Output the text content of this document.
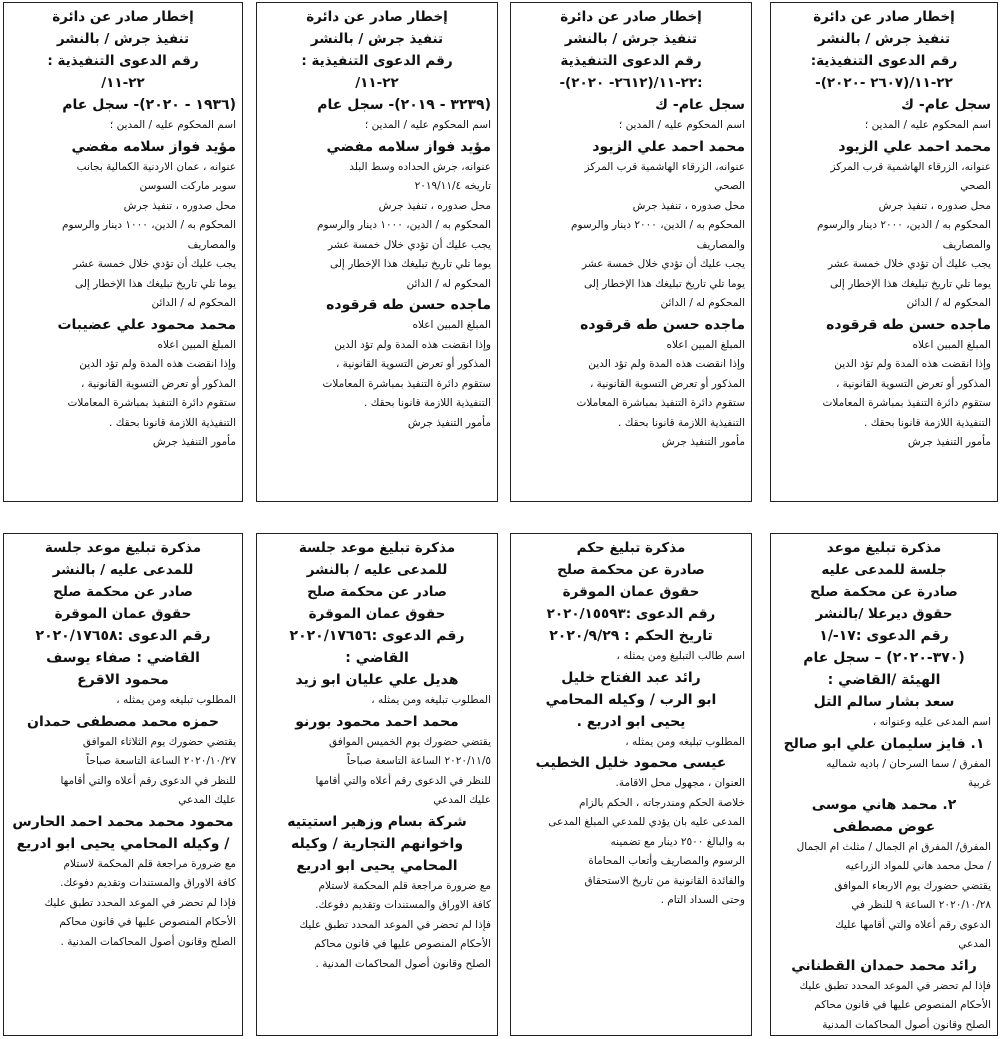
إخطار صادر عن دائرة
تنفيذ جرش / بالنشر
رقم الدعوى التنفيذية :
٢٢-١١/
(١٩٣٦ - ٢٠٢٠)- سجل عام
اسم المحكوم عليه / المدين ؛
مؤيد فواز سلامه مفضي
عنوانه ، عمان الاردنية الكمالية بجانب
سوبر ماركت السوسن
محل صدوره ، تنفيذ جرش
المحكوم به / الدين، ١٠٠٠ دينار والرسوم
والمصاريف
يجب عليك أن تؤدي خلال خمسة عشر
يوما تلي تاريخ تبليغك هذا الإخطار إلى
المحكوم له / الدائن
محمد محمود علي عضيبات
المبلغ المبين اعلاه
وإذا انقضت هذه المدة ولم تؤد الدين
المذكور أو تعرض التسوية القانونية ،
ستقوم دائرة التنفيذ بمباشرة المعاملات
التنفيذية اللازمة قانونا بحقك .
مأمور التنفيذ جرش
إخطار صادر عن دائرة
تنفيذ جرش / بالنشر
رقم الدعوى التنفيذية :
٢٢-١١/
(٣٢٣٩ - ٢٠١٩)- سجل عام
اسم المحكوم عليه / المدين ؛
مؤيد فواز سلامه مفضي
عنوانه، جرش الحداده وسط البلد
تاريخه ٢٠١٩/١١/٤
محل صدوره ، تنفيذ جرش
المحكوم به / الدين، ١٠٠٠ دينار والرسوم
يجب عليك أن تؤدي خلال خمسة عشر
يوما تلي تاريخ تبليغك هذا الإخطار إلى
المحكوم له / الدائن
ماجده حسن طه قرقوده
المبلغ المبين اعلاه
وإذا انقضت هذه المدة ولم تؤد الدين
المذكور أو تعرض التسوية القانونية ،
ستقوم دائرة التنفيذ بمباشرة المعاملات
التنفيذية اللازمة قانونا بحقك .
مأمور التنفيذ جرش
إخطار صادر عن دائرة
تنفيذ جرش / بالنشر
رقم الدعوى التنفيذية
:٢٢-١١/(٢٦١٢- ٢٠٢٠)-
سجل عام- ك
اسم المحكوم عليه / المدين ؛
محمد احمد علي الزيود
عنوانه، الزرقاء الهاشمية قرب المركز
الصحي
محل صدوره ، تنفيذ جرش
المحكوم به / الدين، ٢٠٠٠ دينار والرسوم
والمصاريف
يجب عليك أن تؤدي خلال خمسة عشر
يوما تلي تاريخ تبليغك هذا الإخطار إلى
المحكوم له / الدائن
ماجده حسن طه قرقوده
المبلغ المبين اعلاه
وإذا انقضت هذه المدة ولم تؤد الدين
المذكور أو تعرض التسوية القانونية ،
ستقوم دائرة التنفيذ بمباشرة المعاملات
التنفيذية اللازمة قانونا بحقك .
مأمور التنفيذ جرش
إخطار صادر عن دائرة
تنفيذ جرش / بالنشر
رقم الدعوى التنفيذية:
٢٢-١١/(٢٦٠٧ -٢٠٢٠)-
سجل عام- ك
اسم المحكوم عليه / المدين ؛
محمد احمد علي الزيود
عنوانه، الزرقاء الهاشمية قرب المركز
الصحي
محل صدوره ، تنفيذ جرش
المحكوم به / الدين، ٢٠٠٠ دينار والرسوم
والمصاريف
يجب عليك أن تؤدي خلال خمسة عشر
يوما تلي تاريخ تبليغك هذا الإخطار إلى
المحكوم له / الدائن
ماجده حسن طه قرقوده
المبلغ المبين اعلاه
وإذا انقضت هذه المدة ولم تؤد الدين
المذكور أو تعرض التسوية القانونية ،
ستقوم دائرة التنفيذ بمباشرة المعاملات
التنفيذية اللازمة قانونا بحقك .
مأمور التنفيذ جرش
مذكرة تبليغ موعد جلسة
للمدعى عليه / بالنشر
صادر عن محكمة صلح
حقوق عمان الموقرة
رقم الدعوى :٢٠٢٠/١٧٦٥٨
القاضي : صفاء يوسف
محمود الاقرع
المطلوب تبليغه ومن يمثله ،
حمزه محمد مصطفى حمدان
يقتضي حضورك يوم الثلاثاء الموافق
٢٠٢٠/١٠/٢٧ الساعة التاسعة صباحاً
للنظر في الدعوى رقم أعلاه والتي أقامها
عليك المدعي
محمود محمد محمد احمد الحارس
/ وكيله المحامي يحيى ابو ادريع
مع ضرورة مراجعة قلم المحكمة لاستلام
كافة الاوراق والمستندات وتقديم دفوعك.
فإذا لم تحضر في الموعد المحدد تطبق عليك
الأحكام المنصوص عليها في قانون محاكم
الصلح وقانون أصول المحاكمات المدنية .
مذكرة تبليغ موعد جلسة
للمدعى عليه / بالنشر
صادر عن محكمة صلح
حقوق عمان الموقرة
رقم الدعوى :٢٠٢٠/١٧٦٥٦
القاضي :
هديل علي عليان ابو زيد
المطلوب تبليغه ومن يمثله ،
محمد احمد محمود بورنو
يقتضي حضورك يوم الخميس الموافق
٢٠٢٠/١١/٥ الساعة التاسعة صباحاً
للنظر في الدعوى رقم أعلاه والتي أقامها
عليك المدعي
شركة بسام وزهير استيتيه
واخوانهم التجارية / وكيله
المحامي يحيى ابو ادريع
مع ضرورة مراجعة قلم المحكمة لاستلام
كافة الاوراق والمستندات وتقديم دفوعك.
فإذا لم تحضر في الموعد المحدد تطبق عليك
الأحكام المنصوص عليها في قانون محاكم
الصلح وقانون أصول المحاكمات المدنية .
مذكرة تبليغ حكم
صادرة عن محكمة صلح
حقوق عمان الموقرة
رقم الدعوى :٢٠٢٠/١٥٥٩٣
تاريخ الحكم : ٢٠٢٠/٩/٢٩
اسم طالب التبليغ ومن يمثله ،
رائد عبد الفتاح خليل
ابو الرب / وكيله المحامي
يحيى ابو ادريع .
المطلوب تبليغه ومن يمثله ،
عيسى محمود خليل الخطيب
العنوان ، مجهول محل الاقامة.
خلاصة الحكم ومندرجاته ، الحكم بالزام
المدعى عليه بان يؤدي للمدعي المبلغ المدعى
به والبالغ ٢٥٠٠ دينار مع تضمينه
الرسوم والمصاريف وأتعاب المحاماة
والفائدة القانونية من تاريخ الاستحقاق
وحتى السداد التام .
مذكرة تبليغ موعد
جلسة للمدعى عليه
صادرة عن محكمة صلح
حقوق ديرعلا /بالنشر
رقم الدعوى :١٧-/١
(٣٧٠-٢٠٢٠) – سجل عام
الهيئة /القاضي :
سعد بشار سالم التل
اسم المدعى عليه وعنوانه ،
١. فايز سليمان علي ابو صالح
المفرق / سما السرحان / باديه شماليه
غربية
٢. محمد هاني موسى
عوض مصطفى
المفرق/ المفرق ام الجمال / مثلث ام الجمال
/ محل محمد هاني للمواد الزراعيه
يقتضي حضورك يوم الاربعاء الموافق
٢٠٢٠/١٠/٢٨ الساعة ٩ للنظر في
الدعوى رقم أعلاه والتي أقامها عليك
المدعي
رائد محمد حمدان القطناني
فإذا لم تحضر في الموعد المحدد تطبق عليك
الأحكام المنصوص عليها في قانون محاكم
الصلح وقانون أصول المحاكمات المدنية
